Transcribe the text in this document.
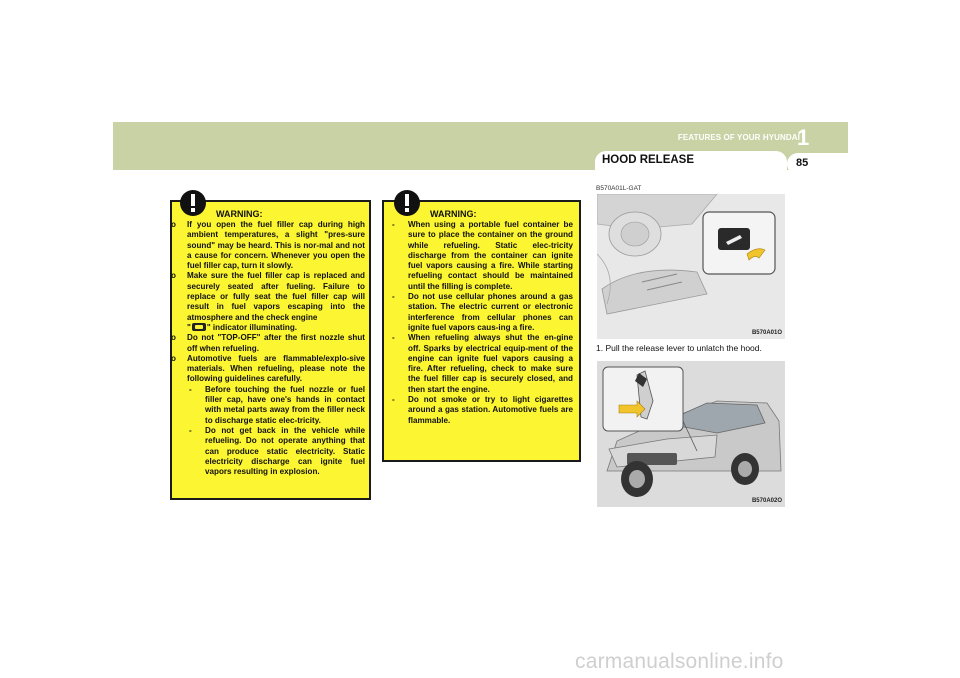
1
FEATURES OF YOUR HYUNDAI
85
HOOD RELEASE
WARNING:
o If you open the fuel filler cap during high ambient temperatures, a slight "pres-sure sound" may be heard. This is nor-mal and not a cause for concern. Whenever you open the fuel filler cap, turn it slowly.
o Make sure the fuel filler cap is replaced and securely seated after fueling. Failure to replace or fully seat the fuel filler cap will result in fuel vapors escaping into the atmosphere and the check engine
" " indicator illuminating.
o Do not "TOP-OFF" after the first nozzle shut off when refueling.
o Automotive fuels are flammable/explo-sive materials. When refueling, please note the following guidelines carefully.
- Before touching the fuel nozzle or fuel filler cap, have one's hands in contact with metal parts away from the filler neck to discharge static elec-tricity.
- Do not get back in the vehicle while refueling. Do not operate anything that can produce static electricity. Static electricity discharge can ignite fuel vapors resulting in explosion.
WARNING:
- When using a portable fuel container be sure to place the container on the ground while refueling. Static elec-tricity discharge from the container can ignite fuel vapors causing a fire. While starting refueling contact should be maintained until the filling is complete.
- Do not use cellular phones around a gas station. The electric current or electronic interference from cellular phones can ignite fuel vapors caus-ing a fire.
- When refueling always shut the en-gine off. Sparks by electrical equip-ment of the engine can ignite fuel vapors causing a fire. After refueling, check to make sure the fuel filler cap is securely closed, and then start the engine.
- Do not smoke or try to light cigarettes around a gas station. Automotive fuels are flammable.
B570A01L-GAT
B570A01O
1. Pull the release lever to unlatch the hood.
B570A02O
carmanualsonline.info
